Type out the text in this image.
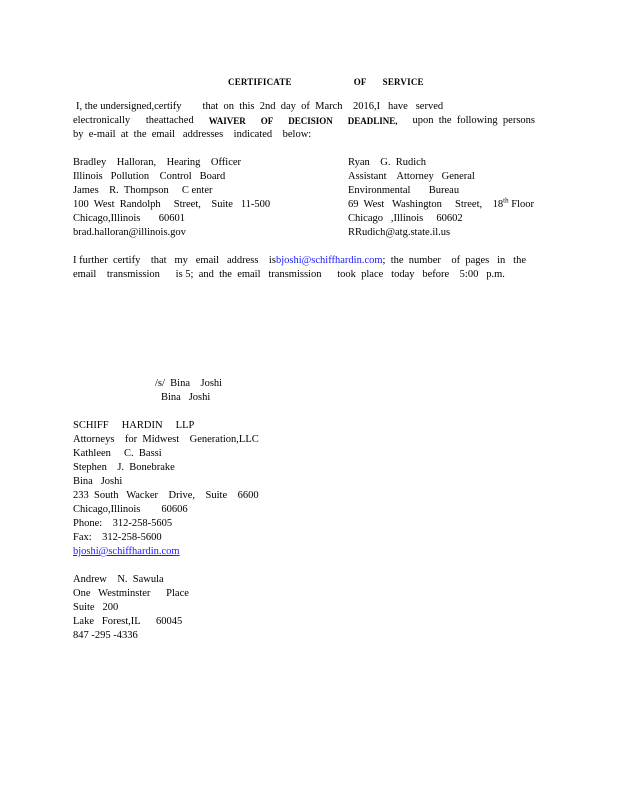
CERTIFICATE	OF SERVICE
I, the undersigned,certify        that  on  this  2nd  day  of  March    2016,I   have   served
electronically      theattached WAIVER OF DECISION DEADLINE, upon  the  following  persons
by  e-mail  at  the  email   addresses    indicated    below:
Bradley    Halloran,    Hearing    Officer
Illinois   Pollution    Control   Board
James    R.  Thompson     C enter
100  West  Randolph     Street,    Suite   11-500
Chicago,Illinois       60601
brad.halloran@illinois.gov
Ryan    G.  Rudich
Assistant    Attorney   General
Environmental       Bureau
69  West   Washington     Street,    18th Floor
Chicago   ,Illinois     60602
RRudich@atg.state.il.us
I further  certify    that   my   email   address    is bjoshi@schiffhardin.com ;  the  number    of  pages   in   the
email    transmission      is 5;  and  the  email   transmission      took  place   today   before    5:00   p.m.
/s/  Bina    Joshi
Bina   Joshi
SCHIFF     HARDIN     LLP
Attorneys    for  Midwest    Generation,LLC
Kathleen     C.  Bassi
Stephen    J.  Bonebrake
Bina   Joshi
233  South   Wacker    Drive,    Suite    6600
Chicago,Illinois        60606
Phone:    312-258-5605
Fax:    312-258-5600
bjoshi@schiffhardin.com
Andrew    N.  Sawula
One   Westminster      Place
Suite   200
Lake   Forest,IL      60045
847 -295 -4336
